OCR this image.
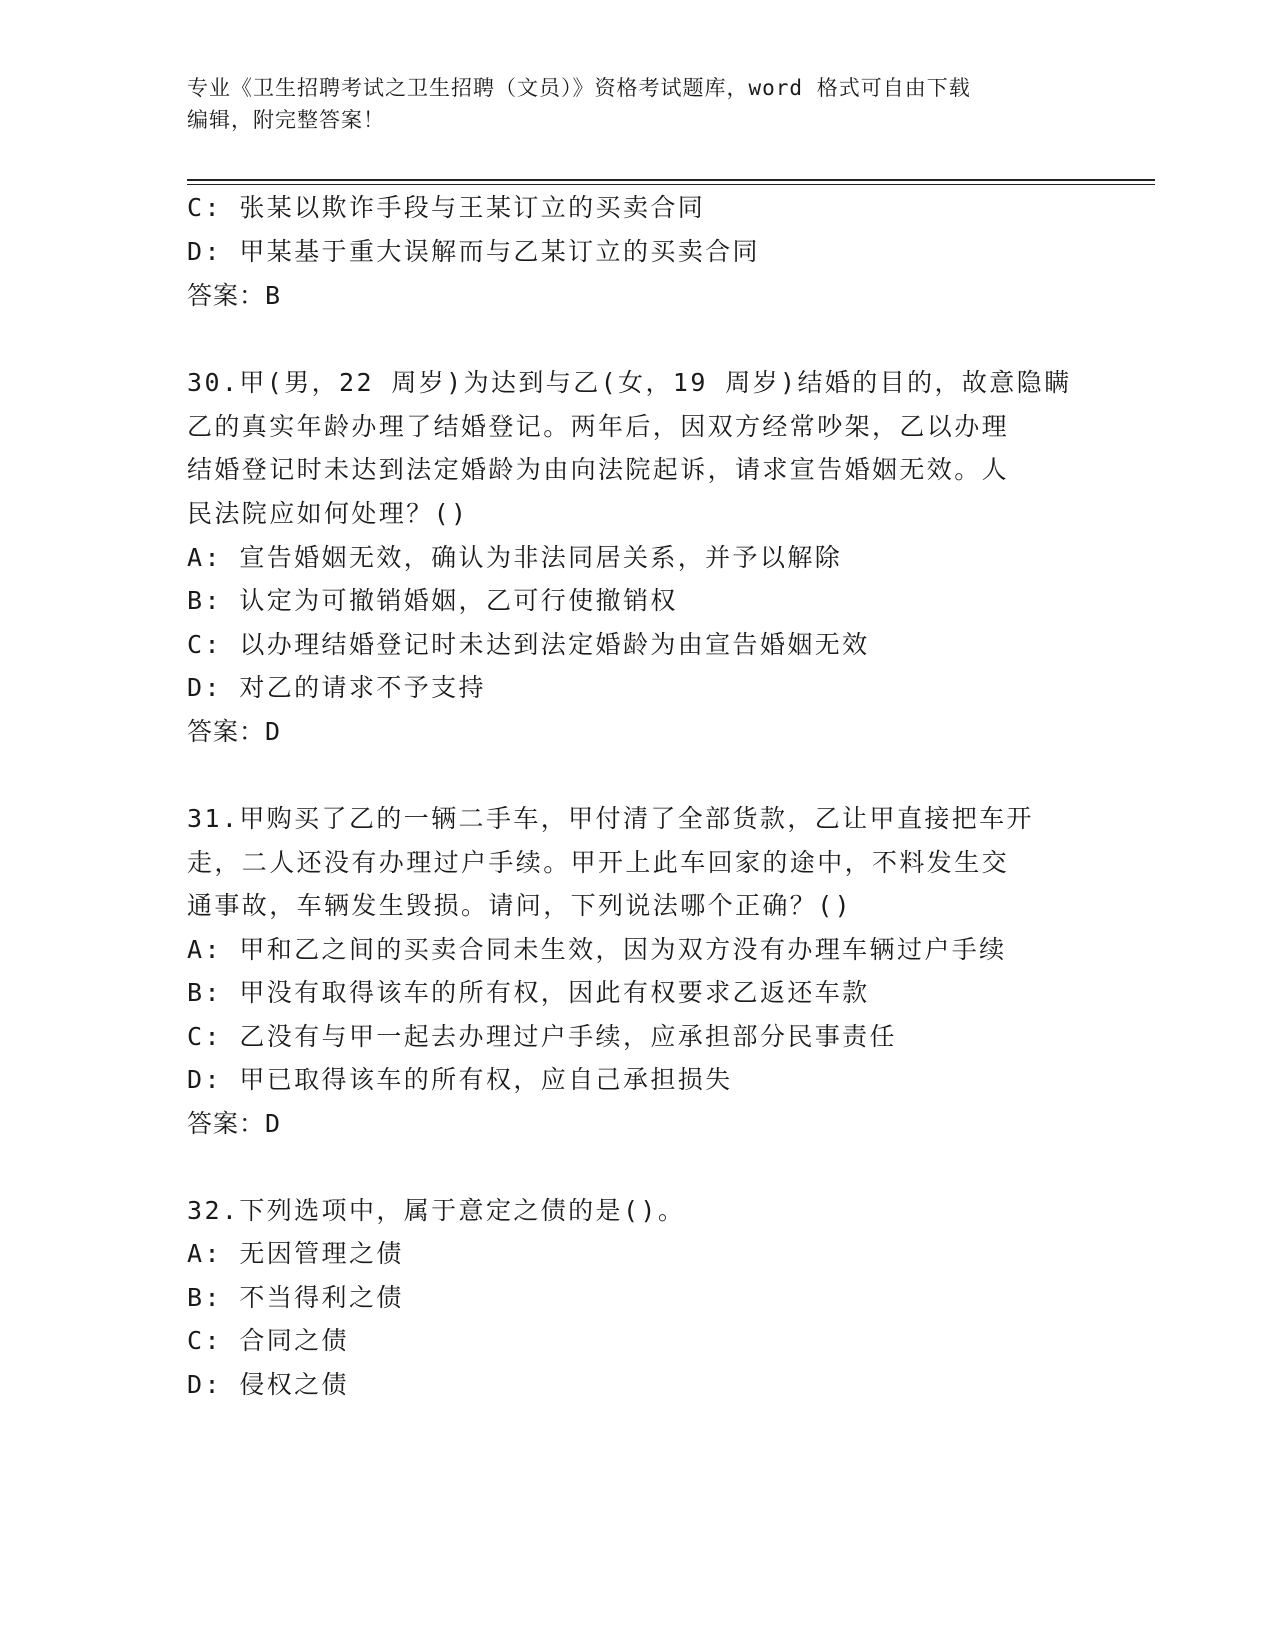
专业《卫生招聘考试之卫生招聘（文员）》资格考试题库，word 格式可自由下载
编辑，附完整答案！
C: 张某以欺诈手段与王某订立的买卖合同
D: 甲某基于重大误解而与乙某订立的买卖合同
答案：B
30.甲(男，22 周岁)为达到与乙(女，19 周岁)结婚的目的，故意隐瞒
乙的真实年龄办理了结婚登记。两年后，因双方经常吵架，乙以办理
结婚登记时未达到法定婚龄为由向法院起诉，请求宣告婚姻无效。人
民法院应如何处理？()
A: 宣告婚姻无效，确认为非法同居关系，并予以解除
B: 认定为可撤销婚姻，乙可行使撤销权
C: 以办理结婚登记时未达到法定婚龄为由宣告婚姻无效
D: 对乙的请求不予支持
答案：D
31.甲购买了乙的一辆二手车，甲付清了全部货款，乙让甲直接把车开
走，二人还没有办理过户手续。甲开上此车回家的途中，不料发生交
通事故，车辆发生毁损。请问，下列说法哪个正确？()
A: 甲和乙之间的买卖合同未生效，因为双方没有办理车辆过户手续
B: 甲没有取得该车的所有权，因此有权要求乙返还车款
C: 乙没有与甲一起去办理过户手续，应承担部分民事责任
D: 甲已取得该车的所有权，应自己承担损失
答案：D
32.下列选项中，属于意定之债的是()。
A: 无因管理之债
B: 不当得利之债
C: 合同之债
D: 侵权之债
